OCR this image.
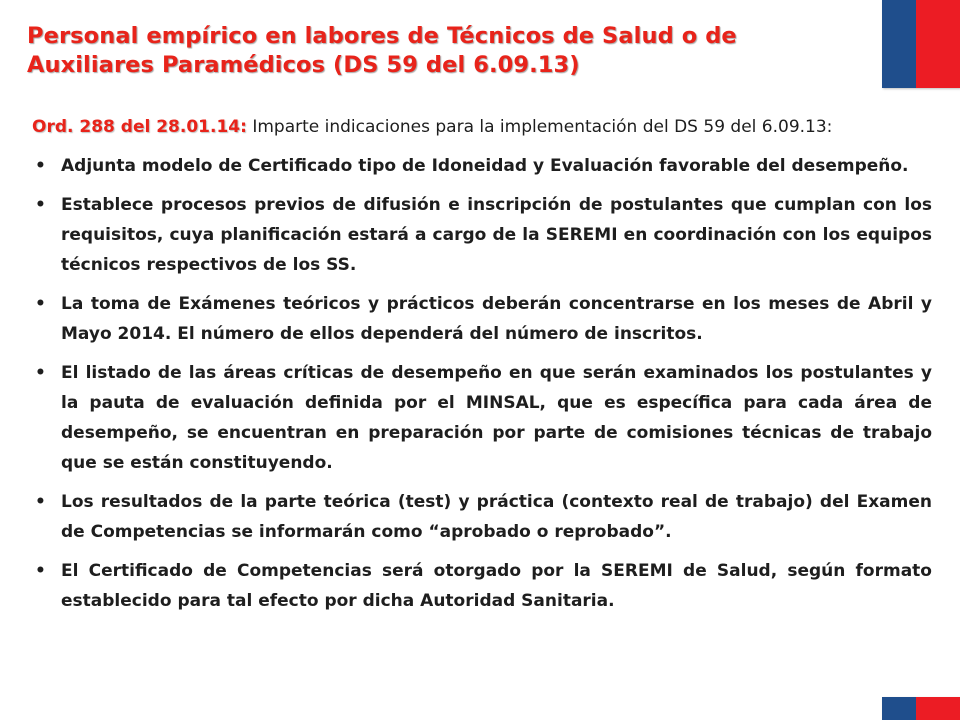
Personal empírico en labores de Técnicos de Salud o de
Auxiliares Paramédicos (DS 59 del 6.09.13)

Ord. 288 del 28.01.14: Imparte indicaciones para la implementación del DS 59 del 6.09.13:

• Adjunta modelo de Certificado tipo de Idoneidad y Evaluación favorable del desempeño.
• Establece procesos previos de difusión e inscripción de postulantes que cumplan con los requisitos, cuya planificación estará a cargo de la SEREMI en coordinación con los equipos técnicos respectivos de los SS.
• La toma de Exámenes teóricos y prácticos deberán concentrarse en los meses de Abril y Mayo 2014. El número de ellos dependerá del número de inscritos.
• El listado de las áreas críticas de desempeño en que serán examinados los postulantes y la pauta de evaluación definida por el MINSAL, que es específica para cada área de desempeño, se encuentran en preparación por parte de comisiones técnicas de trabajo que se están constituyendo.
• Los resultados de la parte teórica (test) y práctica (contexto real de trabajo) del Examen de Competencias se informarán como “aprobado o reprobado”.
• El Certificado de Competencias será otorgado por la SEREMI de Salud, según formato establecido para tal efecto por dicha Autoridad Sanitaria.
